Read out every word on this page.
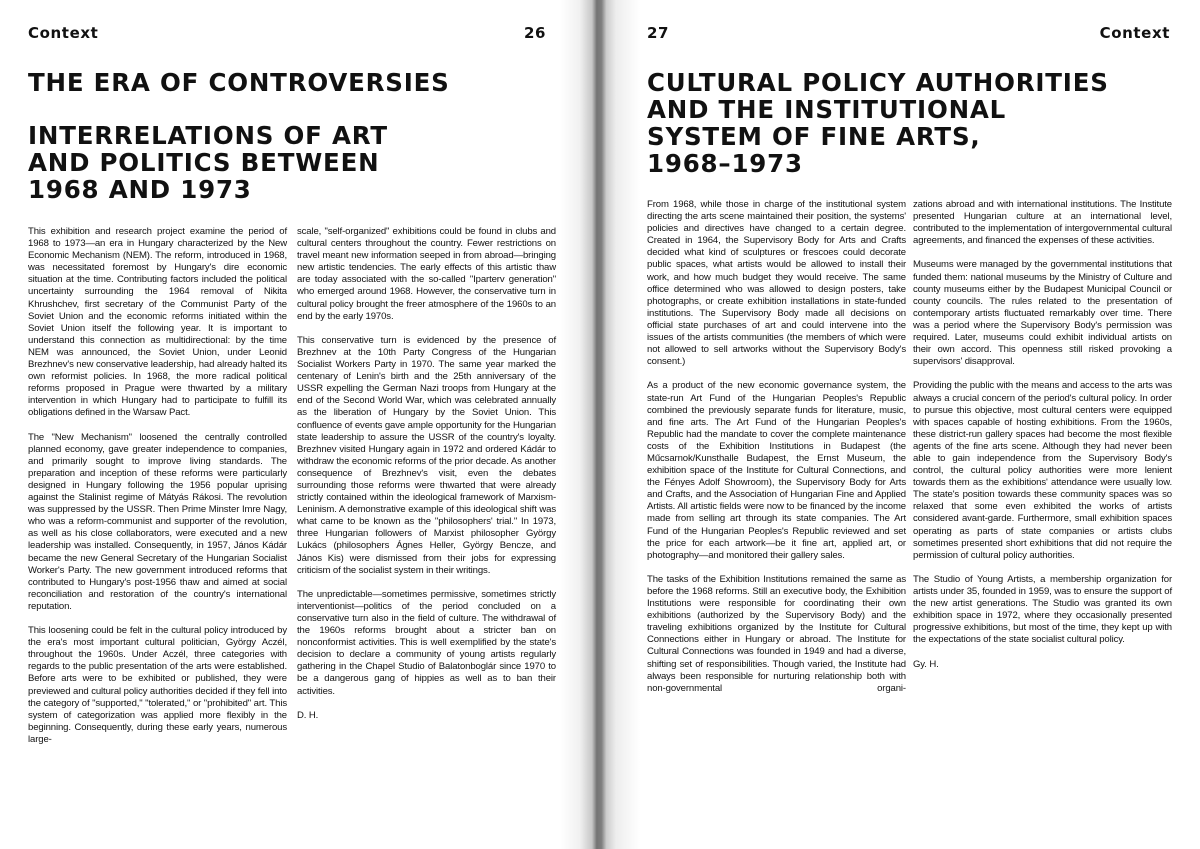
Context	26
THE ERA OF CONTROVERSIES
INTERRELATIONS OF ART
AND POLITICS BETWEEN
1968 AND 1973

This exhibition and research project examine the period of 1968 to 1973—an era in Hungary characterized by the New Economic Mechanism (NEM). The reform, introduced in 1968, was necessitated foremost by Hungary's dire economic situation at the time. Contributing factors included the political uncertainty surrounding the 1964 removal of Nikita Khrushchev, first secretary of the Communist Party of the Soviet Union and the economic reforms initiated within the Soviet Union itself the following year. It is important to understand this connection as multidirectional: by the time NEM was announced, the Soviet Union, under Leonid Brezhnev's new conservative leadership, had already halted its own reformist policies. In 1968, the more radical political reforms proposed in Prague were thwarted by a military intervention in which Hungary had to participate to fulfill its obligations defined in the Warsaw Pact.

The "New Mechanism" loosened the centrally controlled planned economy, gave greater independence to companies, and primarily sought to improve living standards. The preparation and inception of these reforms were particularly designed in Hungary following the 1956 popular uprising against the Stalinist regime of Mátyás Rákosi. The revolution was suppressed by the USSR. Then Prime Minster Imre Nagy, who was a reform-communist and supporter of the revolution, as well as his close collaborators, were executed and a new leadership was installed. Consequently, in 1957, János Kádár became the new General Secretary of the Hungarian Socialist Worker's Party. The new government introduced reforms that contributed to Hungary's post-1956 thaw and aimed at social reconciliation and restoration of the country's international reputation.

This loosening could be felt in the cultural policy introduced by the era's most important cultural politician, György Aczél, throughout the 1960s. Under Aczél, three categories with regards to the public presentation of the arts were established. Before arts were to be exhibited or published, they were previewed and cultural policy authorities decided if they fell into the category of "supported," "tolerated," or "prohibited" art. This system of categorization was applied more flexibly in the beginning. Consequently, during these early years, numerous large-

scale, "self-organized" exhibitions could be found in clubs and cultural centers throughout the country. Fewer restrictions on travel meant new information seeped in from abroad—bringing new artistic tendencies. The early effects of this artistic thaw are today associated with the so-called "Iparterv generation" who emerged around 1968. However, the conservative turn in cultural policy brought the freer atmosphere of the 1960s to an end by the early 1970s.

This conservative turn is evidenced by the presence of Brezhnev at the 10th Party Congress of the Hungarian Socialist Workers Party in 1970. The same year marked the centenary of Lenin's birth and the 25th anniversary of the USSR expelling the German Nazi troops from Hungary at the end of the Second World War, which was celebrated annually as the liberation of Hungary by the Soviet Union. This confluence of events gave ample opportunity for the Hungarian state leadership to assure the USSR of the country's loyalty. Brezhnev visited Hungary again in 1972 and ordered Kádár to withdraw the economic reforms of the prior decade. As another consequence of Brezhnev's visit, even the debates surrounding those reforms were thwarted that were already strictly contained within the ideological framework of Marxism-Leninism. A demonstrative example of this ideological shift was what came to be known as the "philosophers' trial." In 1973, three Hungarian followers of Marxist philosopher György Lukács (philosophers Ágnes Heller, György Bencze, and János Kis) were dismissed from their jobs for expressing criticism of the socialist system in their writings.

The unpredictable—sometimes permissive, sometimes strictly interventionist—politics of the period concluded on a conservative turn also in the field of culture. The withdrawal of the 1960s reforms brought about a stricter ban on nonconformist activities. This is well exemplified by the state's decision to declare a community of young artists regularly gathering in the Chapel Studio of Balatonboglár since 1970 to be a dangerous gang of hippies as well as to ban their activities.

D. H.

27	Context
CULTURAL POLICY AUTHORITIES
AND THE INSTITUTIONAL
SYSTEM OF FINE ARTS,
1968–1973

From 1968, while those in charge of the institutional system directing the arts scene maintained their position, the systems' policies and directives have changed to a certain degree. Created in 1964, the Supervisory Body for Arts and Crafts decided what kind of sculptures or frescoes could decorate public spaces, what artists would be allowed to install their work, and how much budget they would receive. The same office determined who was allowed to design posters, take photographs, or create exhibition installations in state-funded institutions. The Supervisory Body made all decisions on official state purchases of art and could intervene into the issues of the artists communities (the members of which were not allowed to sell artworks without the Supervisory Body's consent.)

As a product of the new economic governance system, the state-run Art Fund of the Hungarian Peoples's Republic combined the previously separate funds for literature, music, and fine arts. The Art Fund of the Hungarian Peoples's Republic had the mandate to cover the complete maintenance costs of the Exhibition Institutions in Budapest (the Műcsarnok/Kunsthalle Budapest, the Ernst Museum, the exhibition space of the Institute for Cultural Connections, and the Fényes Adolf Showroom), the Supervisory Body for Arts and Crafts, and the Association of Hungarian Fine and Applied Artists. All artistic fields were now to be financed by the income made from selling art through its state companies. The Art Fund of the Hungarian Peoples's Republic reviewed and set the price for each artwork—be it fine art, applied art, or photography—and monitored their gallery sales.

The tasks of the Exhibition Institutions remained the same as before the 1968 reforms. Still an executive body, the Exhibition Institutions were responsible for coordinating their own exhibitions (authorized by the Supervisory Body) and the traveling exhibitions organized by the Institute for Cultural Connections either in Hungary or abroad. The Institute for Cultural Connections was founded in 1949 and had a diverse, shifting set of responsibilities. Though varied, the Institute had always been responsible for nurturing relationship both with non-governmental organi-

zations abroad and with international institutions. The Institute presented Hungarian culture at an international level, contributed to the implementation of intergovernmental cultural agreements, and financed the expenses of these activities.

Museums were managed by the governmental institutions that funded them: national museums by the Ministry of Culture and county museums either by the Budapest Municipal Council or county councils. The rules related to the presentation of contemporary artists fluctuated remarkably over time. There was a period where the Supervisory Body's permission was required. Later, museums could exhibit individual artists on their own accord. This openness still risked provoking a supervisors' disapproval.

Providing the public with the means and access to the arts was always a crucial concern of the period's cultural policy. In order to pursue this objective, most cultural centers were equipped with spaces capable of hosting exhibitions. From the 1960s, these district-run gallery spaces had become the most flexible agents of the fine arts scene. Although they had never been able to gain independence from the Supervisory Body's control, the cultural policy authorities were more lenient towards them as the exhibitions' attendance were usually low. The state's position towards these community spaces was so relaxed that some even exhibited the works of artists considered avant-garde. Furthermore, small exhibition spaces operating as parts of state companies or artists clubs sometimes presented short exhibitions that did not require the permission of cultural policy authorities.

The Studio of Young Artists, a membership organization for artists under 35, founded in 1959, was to ensure the support of the new artist generations. The Studio was granted its own exhibition space in 1972, where they occasionally presented progressive exhibitions, but most of the time, they kept up with the expectations of the state socialist cultural policy.

Gy. H.
